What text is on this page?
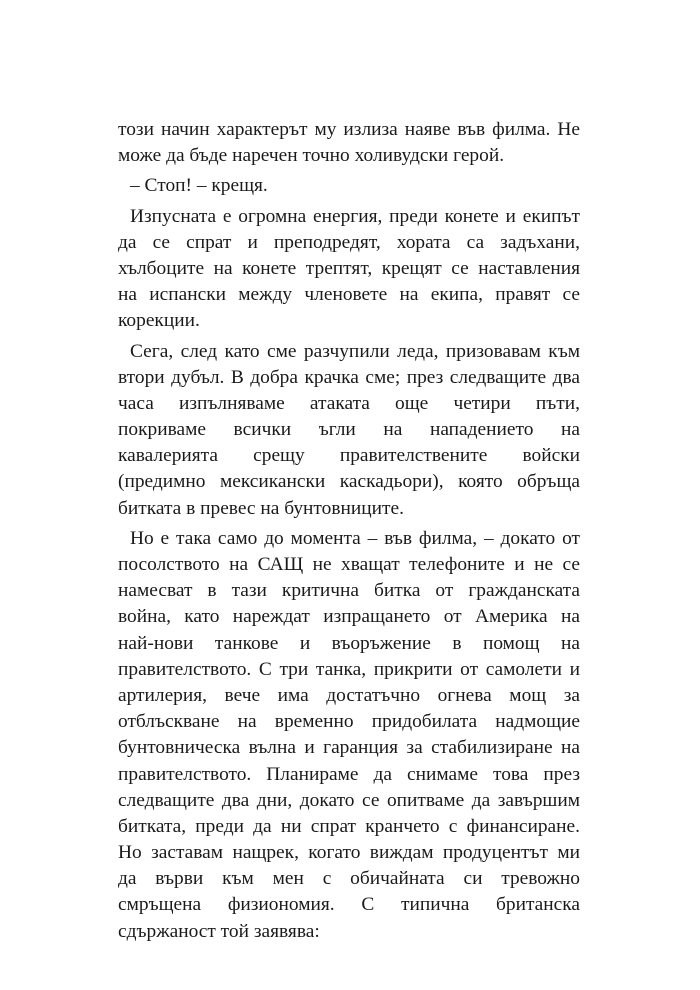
този начин характерът му излиза наяве във филма. Не
може да бъде наречен точно холивудски герой.
– Стоп! – крещя.
Изпусната е огромна енергия, преди конете и екипът
да се спрат и преподредят, хората са задъхани,
хълбоците на конете трептят, крещят се наставления
на испански между членовете на екипа, правят се
корекции.
Сега, след като сме разчупили леда, призовавам към
втори дубъл. В добра крачка сме; през следващите два
часа изпълняваме атаката още четири пъти,
покриваме всички ъгли на нападението на
кавалерията срещу правителствените войски
(предимно мексикански каскадьори), която обръща
битката в превес на бунтовниците.
Но е така само до момента – във филма, – докато от
посолството на САЩ не хващат телефоните и не се
намесват в тази критична битка от гражданската
война, като нареждат изпращането от Америка на
най-нови танкове и въоръжение в помощ на
правителството. С три танка, прикрити от самолети и
артилерия, вече има достатъчно огнева мощ за
отблъскване на временно придобилата надмощие
бунтовническа вълна и гаранция за стабилизиране на
правителството. Планираме да снимаме това през
следващите два дни, докато се опитваме да завършим
битката, преди да ни спрат кранчето с финансиране.
Но заставам нащрек, когато виждам продуцентът ми
да върви към мен с обичайната си тревожно
смръщена физиономия. С типична британска
сдържаност той заявява:
